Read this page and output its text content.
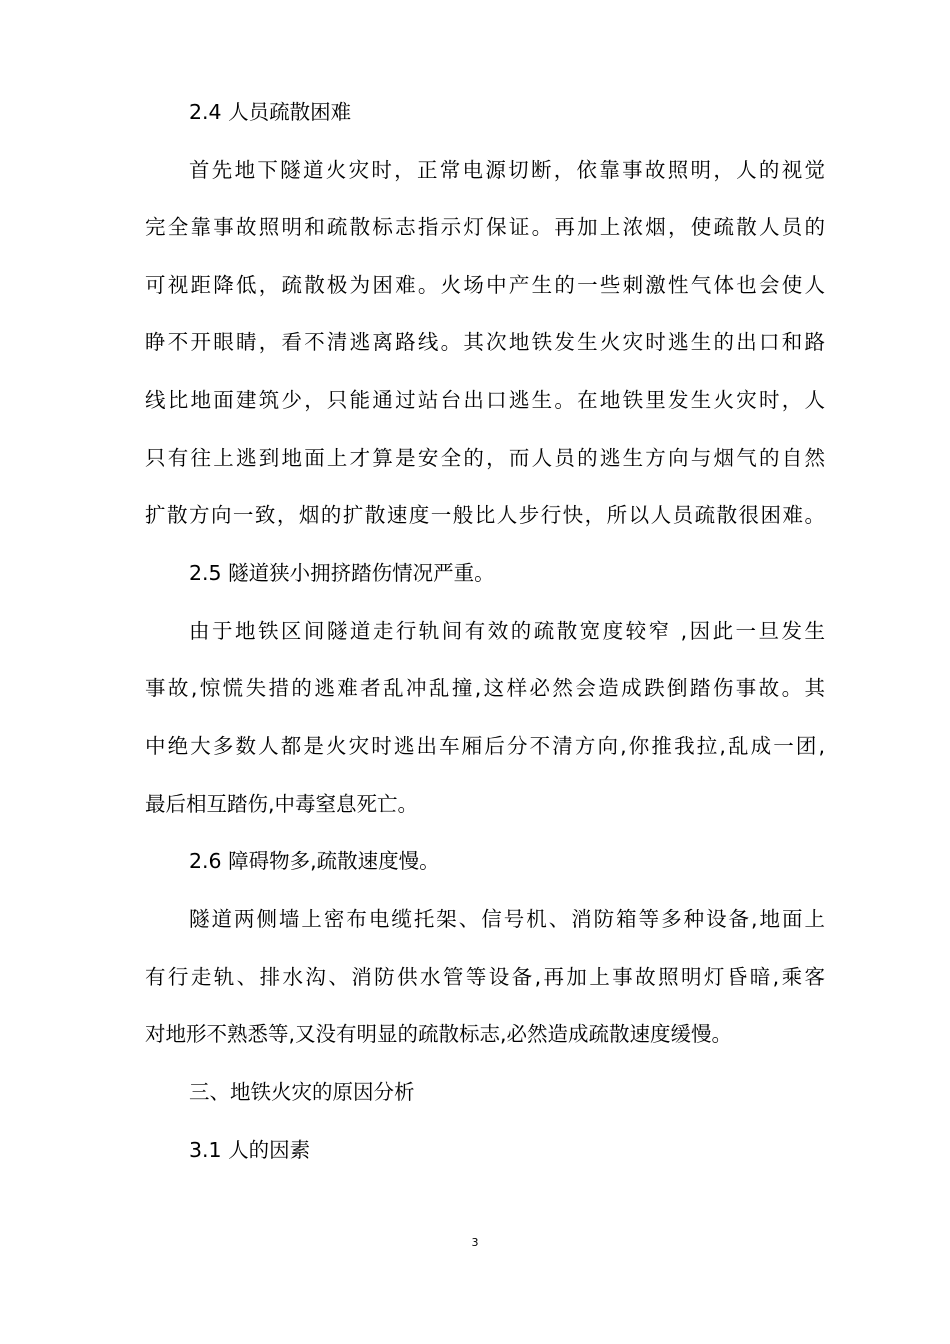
2.4 人员疏散困难
首先地下隧道火灾时，正常电源切断，依靠事故照明，人的视觉
完全靠事故照明和疏散标志指示灯保证。再加上浓烟，使疏散人员的
可视距降低，疏散极为困难。火场中产生的一些刺激性气体也会使人
睁不开眼睛，看不清逃离路线。其次地铁发生火灾时逃生的出口和路
线比地面建筑少，只能通过站台出口逃生。在地铁里发生火灾时，人
只有往上逃到地面上才算是安全的，而人员的逃生方向与烟气的自然
扩散方向一致，烟的扩散速度一般比人步行快，所以人员疏散很困难。
2.5 隧道狭小拥挤踏伤情况严重。
由于地铁区间隧道走行轨间有效的疏散宽度较窄 ,因此一旦发生
事故,惊慌失措的逃难者乱冲乱撞,这样必然会造成跌倒踏伤事故。其
中绝大多数人都是火灾时逃出车厢后分不清方向,你推我拉,乱成一团,
最后相互踏伤,中毒窒息死亡。
2.6 障碍物多,疏散速度慢。
隧道两侧墙上密布电缆托架、信号机、消防箱等多种设备,地面上
有行走轨、排水沟、消防供水管等设备,再加上事故照明灯昏暗,乘客
对地形不熟悉等,又没有明显的疏散标志,必然造成疏散速度缓慢。
三、地铁火灾的原因分析
3.1 人的因素
3
